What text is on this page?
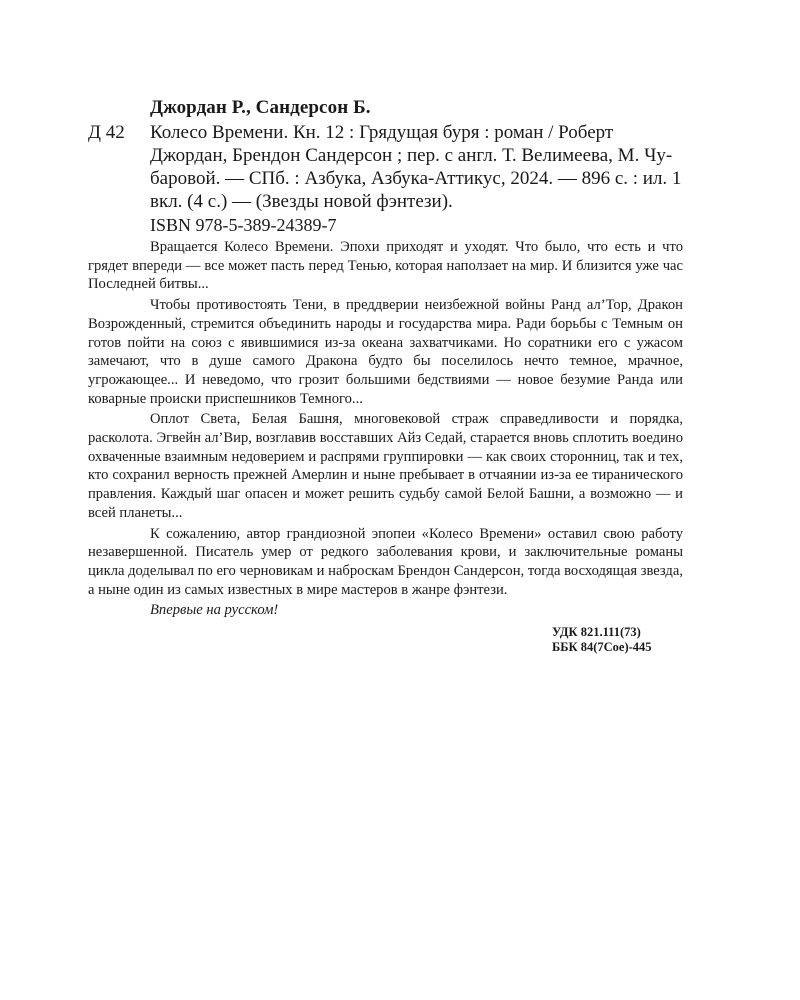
Джордан Р., Сандерсон Б.
Д 42 Колесо Времени. Кн. 12 : Грядущая буря : роман / Роберт
Джордан, Брендон Сандерсон ; пер. с англ. Т. Велимеева, М. Чу-
баровой. — СПб. : Азбука, Азбука-Аттикус, 2024. — 896 с. : ил. 1
вкл. (4 с.) — (Звезды новой фэнтези).
ISBN 978-5-389-24389-7

Вращается Колесо Времени. Эпохи приходят и уходят. Что было, что есть и что грядет впереди — все может пасть перед Тенью, которая наползает на мир. И близится уже час Последней битвы...

Чтобы противостоять Тени, в преддверии неизбежной войны Ранд ал’Тор, Дракон Возрожденный, стремится объединить народы и государства мира. Ради борьбы с Темным он готов пойти на союз с явившимися из-за океана захватчиками. Но соратники его с ужасом замечают, что в душе самого Дракона будто бы поселилось нечто темное, мрачное, угрожающее... И неведомо, что грозит большими бедствиями — новое безумие Ранда или коварные происки приспешников Темного...

Оплот Света, Белая Башня, многовековой страж справедливости и порядка, расколота. Эгвейн ал’Вир, возглавив восставших Айз Седай, старается вновь сплотить воедино охваченные взаимным недоверием и распрями группировки — как своих сторонниц, так и тех, кто сохранил верность прежней Амерлин и ныне пребывает в отчаянии из-за ее тиранического правления. Каждый шаг опасен и может решить судьбу самой Белой Башни, а возможно — и всей планеты...

К сожалению, автор грандиозной эпопеи «Колесо Времени» оставил свою работу незавершенной. Писатель умер от редкого заболевания крови, и заключительные романы цикла доделывал по его черновикам и наброскам Брендон Сандерсон, тогда восходящая звезда, а ныне один из самых известных в мире мастеров в жанре фэнтези.

Впервые на русском!
УДК 821.111(73)
ББК 84(7Сое)-445
